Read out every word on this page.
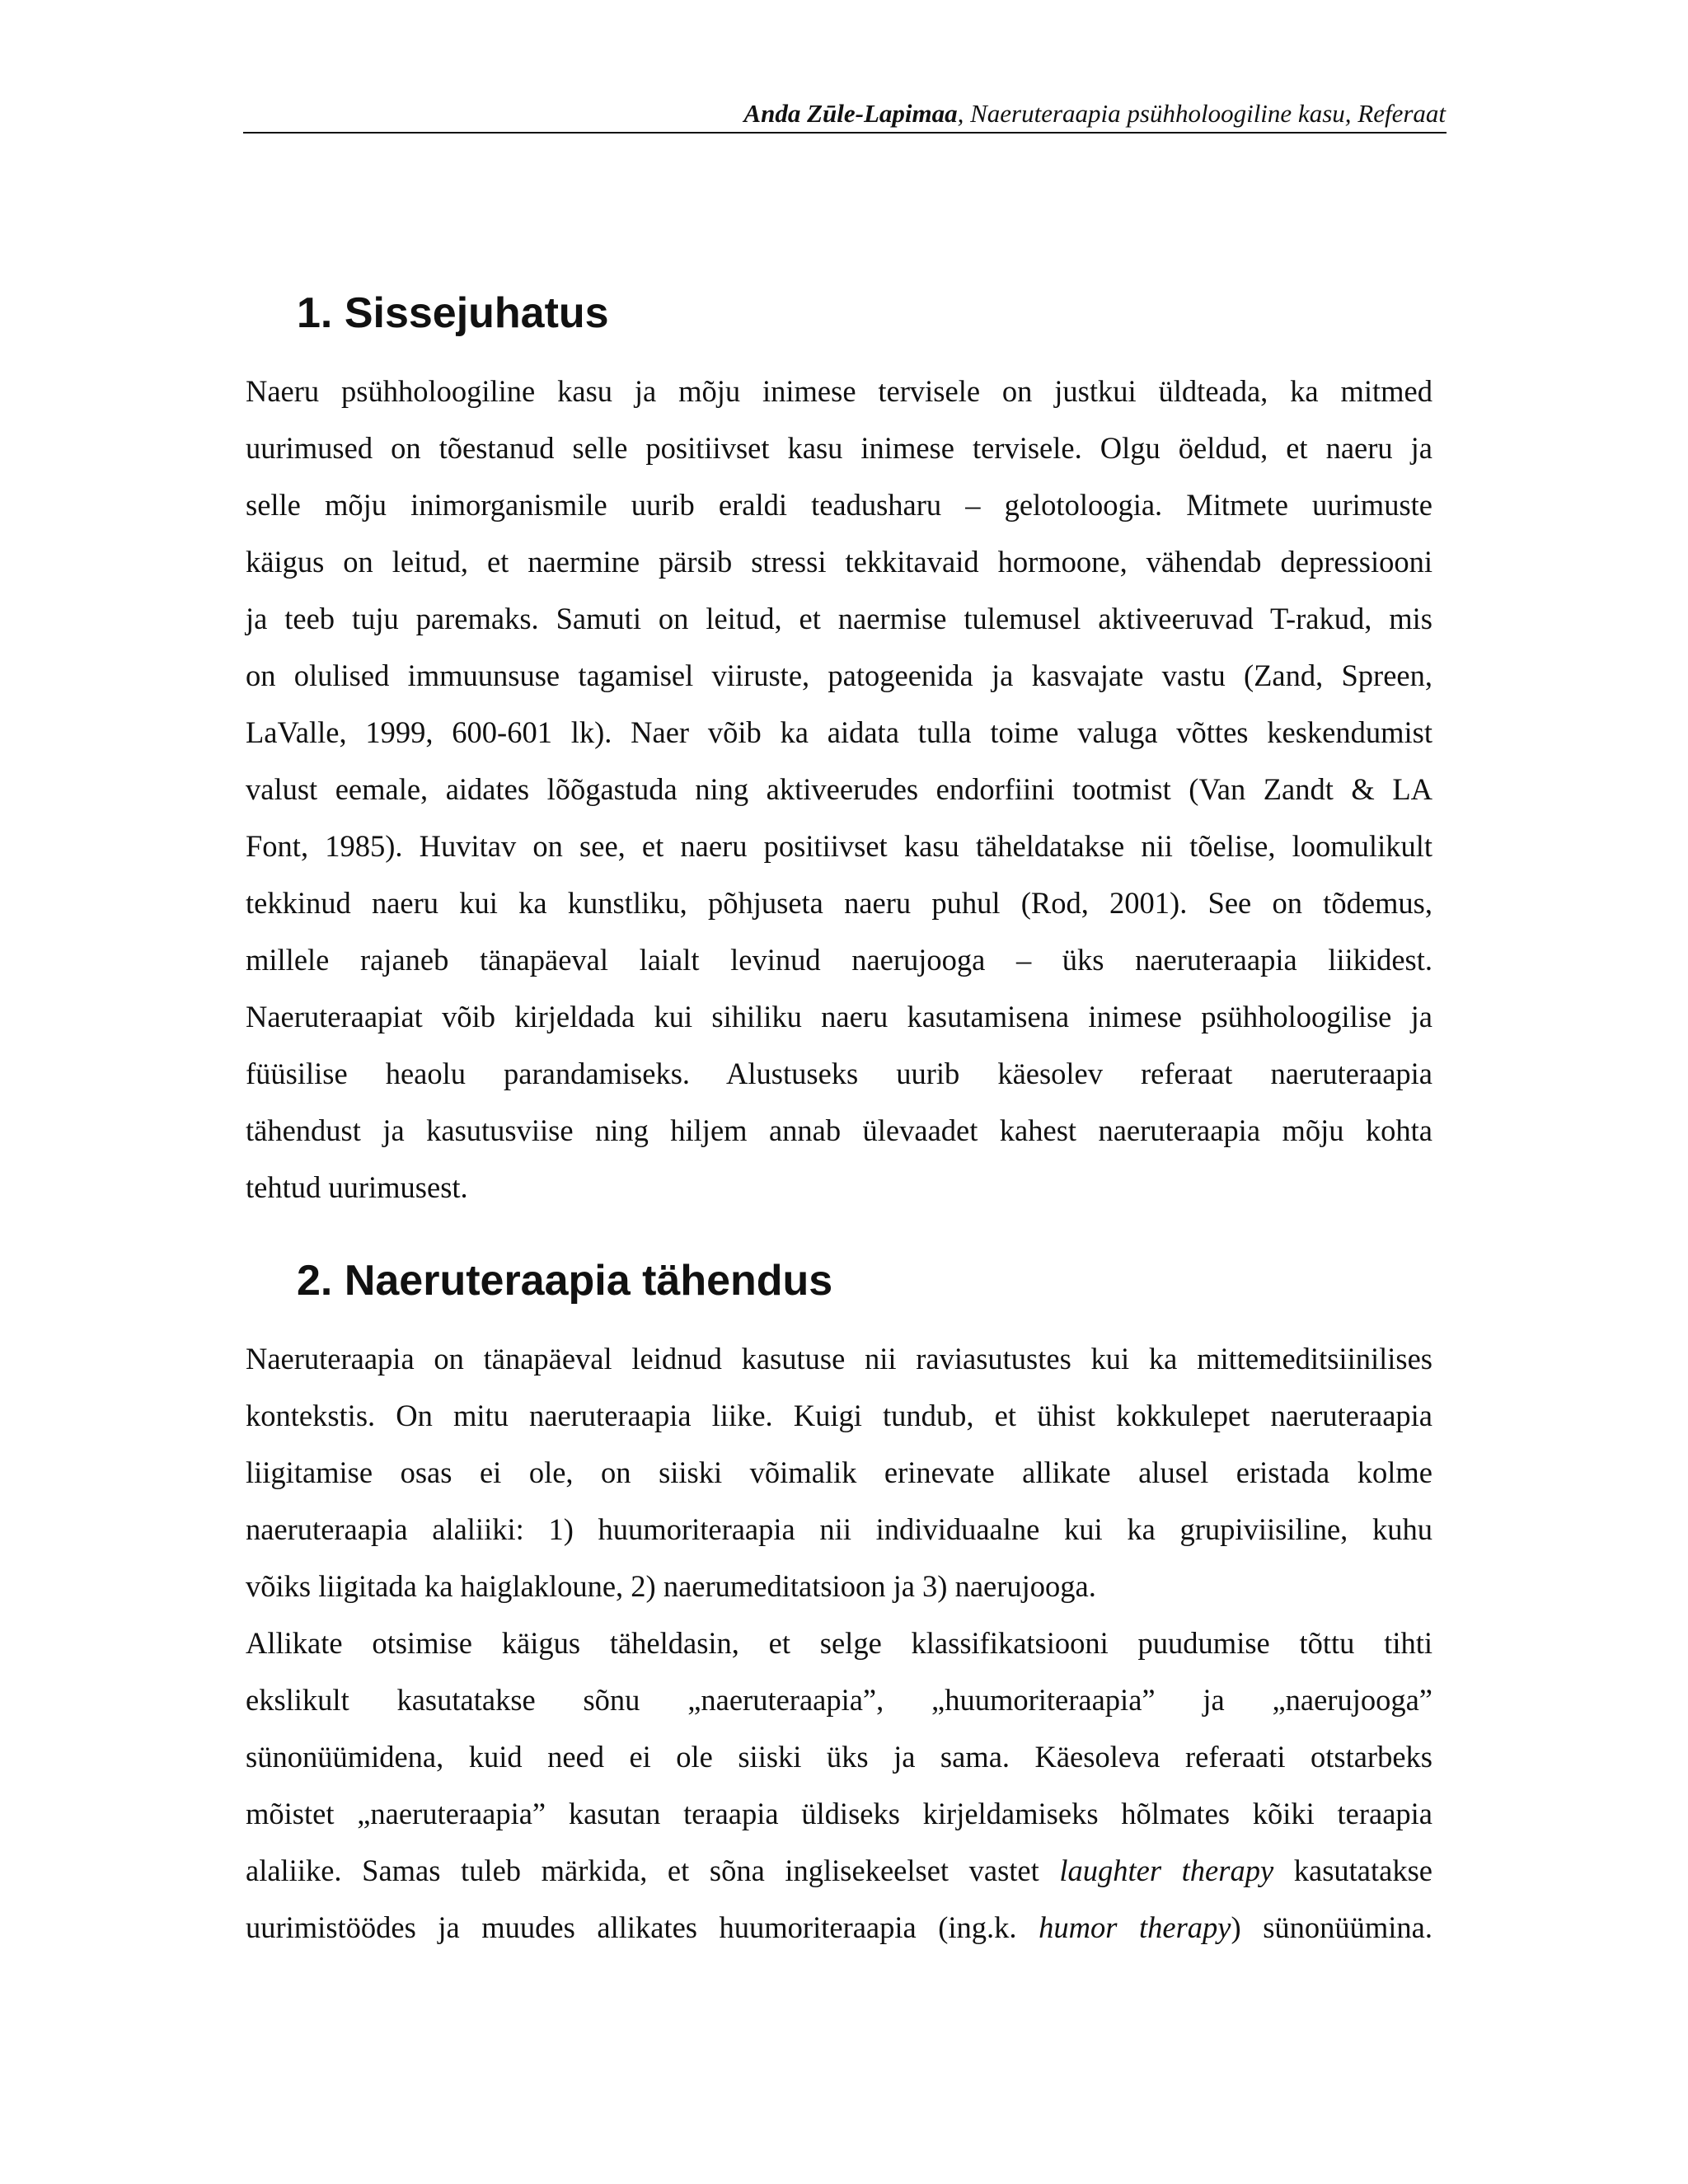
Anda Zūle-Lapimaa, Naeruteraapia psühholoogiline kasu, Referaat
1. Sissejuhatus
Naeru psühholoogiline kasu ja mõju inimese tervisele on justkui üldteada, ka mitmed
uurimused on tõestanud selle positiivset kasu inimese tervisele. Olgu öeldud, et naeru ja
selle mõju inimorganismile uurib eraldi teadusharu – gelotoloogia. Mitmete uurimuste
käigus on leitud, et naermine pärsib stressi tekkitavaid hormoone, vähendab depressiooni
ja teeb tuju paremaks. Samuti on leitud, et naermise tulemusel aktiveeruvad T-rakud, mis
on olulised immuunsuse tagamisel viiruste, patogeenida ja kasvajate vastu (Zand, Spreen,
LaValle, 1999, 600-601 lk). Naer võib ka aidata tulla toime valuga võttes keskendumist
valust eemale, aidates lõõgastuda ning aktiveerudes endorfiini tootmist (Van Zandt & LA
Font, 1985). Huvitav on see, et naeru positiivset kasu täheldatakse nii tõelise, loomulikult
tekkinud naeru kui ka kunstliku, põhjuseta naeru puhul (Rod, 2001). See on tõdemus,
millele rajaneb tänapäeval laialt levinud naerujooga – üks naeruteraapia liikidest.
Naeruteraapiat võib kirjeldada kui sihiliku naeru kasutamisena inimese psühholoogilise ja
füüsilise heaolu parandamiseks. Alustuseks uurib käesolev referaat naeruteraapia
tähendust ja kasutusviise ning hiljem annab ülevaadet kahest naeruteraapia mõju kohta
tehtud uurimusest.
2. Naeruteraapia tähendus
Naeruteraapia on tänapäeval leidnud kasutuse nii raviasutustes kui ka mittemeditsiinilises
kontekstis. On mitu naeruteraapia liike. Kuigi tundub, et ühist kokkulepet naeruteraapia
liigitamise osas ei ole, on siiski võimalik erinevate allikate alusel eristada kolme
naeruteraapia alaliiki: 1) huumoriteraapia nii individuaalne kui ka grupiviisiline, kuhu
võiks liigitada ka haiglakloune, 2) naerumeditatsioon ja 3) naerujooga.
Allikate otsimise käigus täheldasin, et selge klassifikatsiooni puudumise tõttu tihti
ekslikult kasutatakse sõnu „naeruteraapia”, „huumoriteraapia” ja „naerujooga”
sünonüümidena, kuid need ei ole siiski üks ja sama. Käesoleva referaati otstarbeks
mõistet „naeruteraapia” kasutan teraapia üldiseks kirjeldamiseks hõlmates kõiki teraapia
alaliike. Samas tuleb märkida, et sõna inglisekeelset vastet laughter therapy kasutatakse
uurimistöödes ja muudes allikates huumoriteraapia (ing.k. humor therapy) sünonüümina.
